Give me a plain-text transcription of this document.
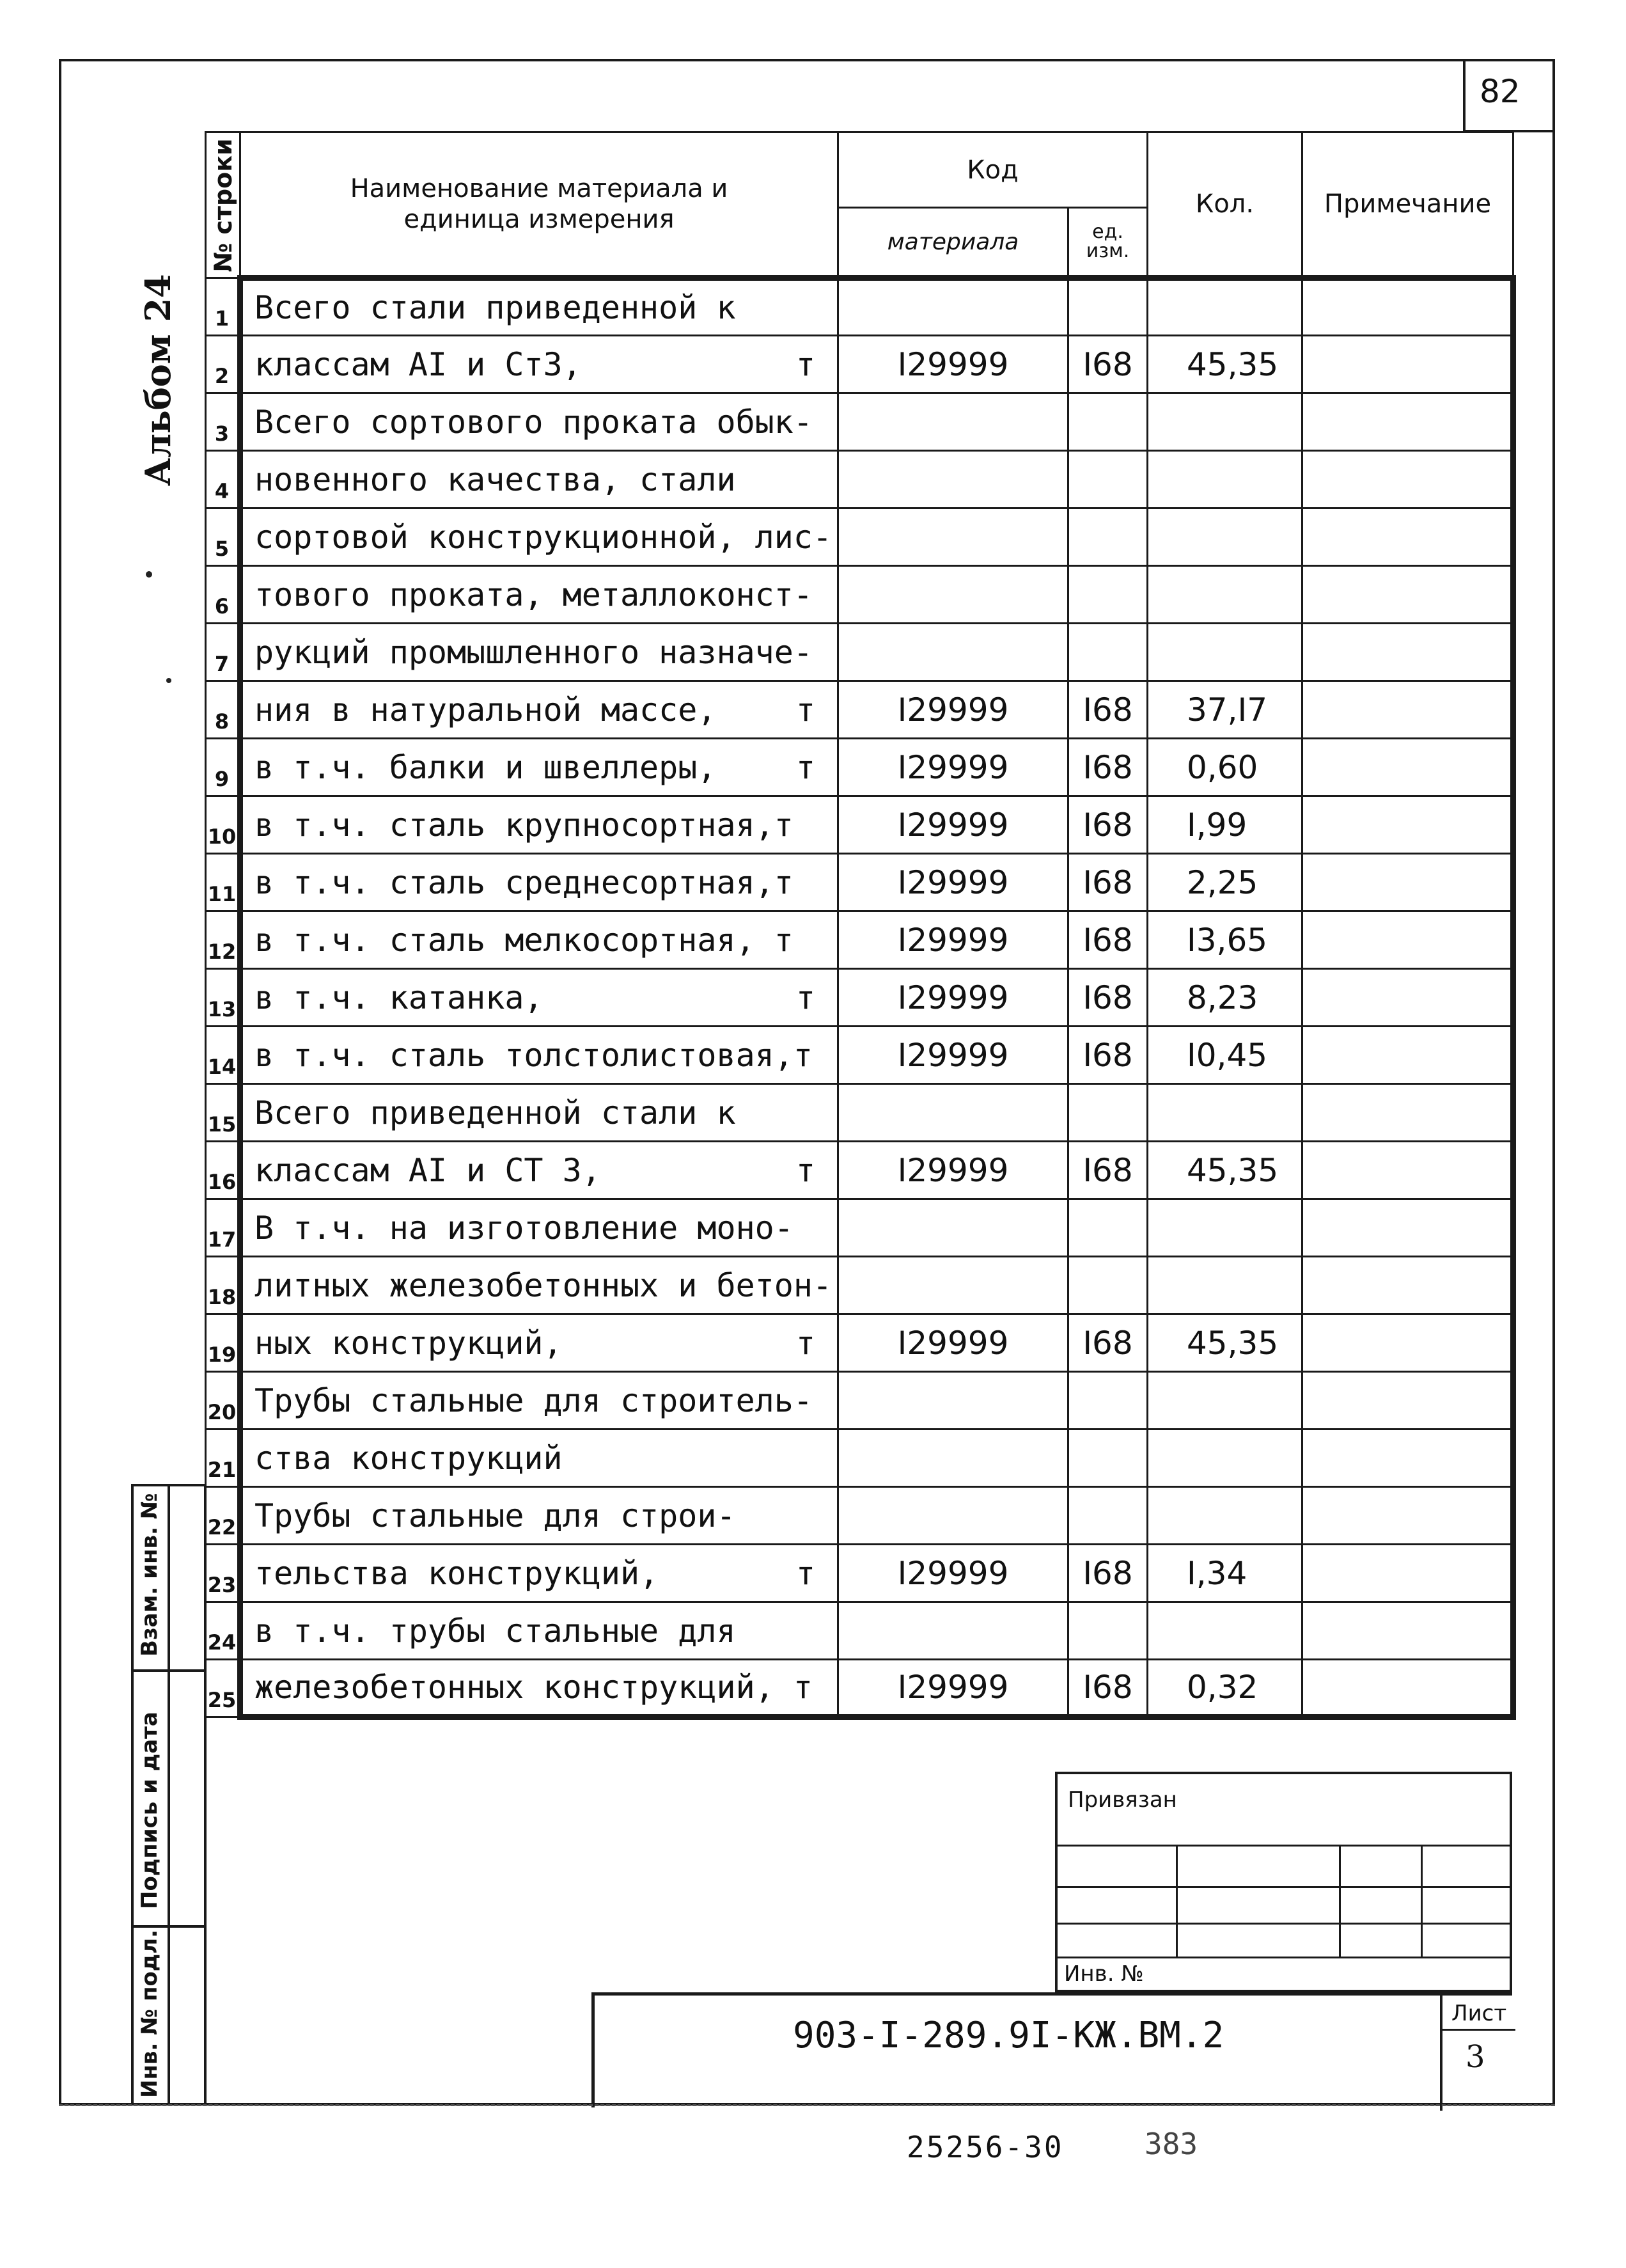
82
Альбом 24
№ строки	Наименование материала и
единица измерения	Код		Кол.	Примечание
		материала	ед.
изм.		

1	Всего стали приведенной к

2	классам AI и Ст3, т	I29999	I68	45,35	
3	Всего сортового проката обык-

4	новенного качества, стали

5	сортовой конструкционной, лис-

6	тового проката, металлоконст-

7	рукций промышленного назначе-

8	ния в натуральной массе, т	I29999	I68	37,I7	
9	в т.ч. балки и швеллеры, т	I29999	I68	0,60	
10	в т.ч. сталь крупносортная,т	I29999	I68	I,99	
11	в т.ч. сталь среднесортная,т	I29999	I68	2,25	
12	в т.ч. сталь мелкосортная, т	I29999	I68	I3,65	
13	в т.ч. катанка, т	I29999	I68	8,23	
14	в т.ч. сталь толстолистовая,т	I29999	I68	I0,45	
15	Всего приведенной стали к

16	классам AI и СТ 3, т	I29999	I68	45,35	
17	В т.ч. на изготовление моно-

18	литных железобетонных и бетон-

19	ных конструкций, т	I29999	I68	45,35	
20	Трубы стальные для строитель-

21	ства конструкций

22	Трубы стальные для строи-

23	тельства конструкций, т	I29999	I68	I,34	
24	в т.ч. трубы стальные для

25	железобетонных конструкций, т	I29999	I68	0,32	
Взам. инв. №
Подпись и дата
Инв. № подл.
Привязан
Инв. №
903-I-289.9I-КЖ.ВМ.2
Лист
3
25256-30	383
